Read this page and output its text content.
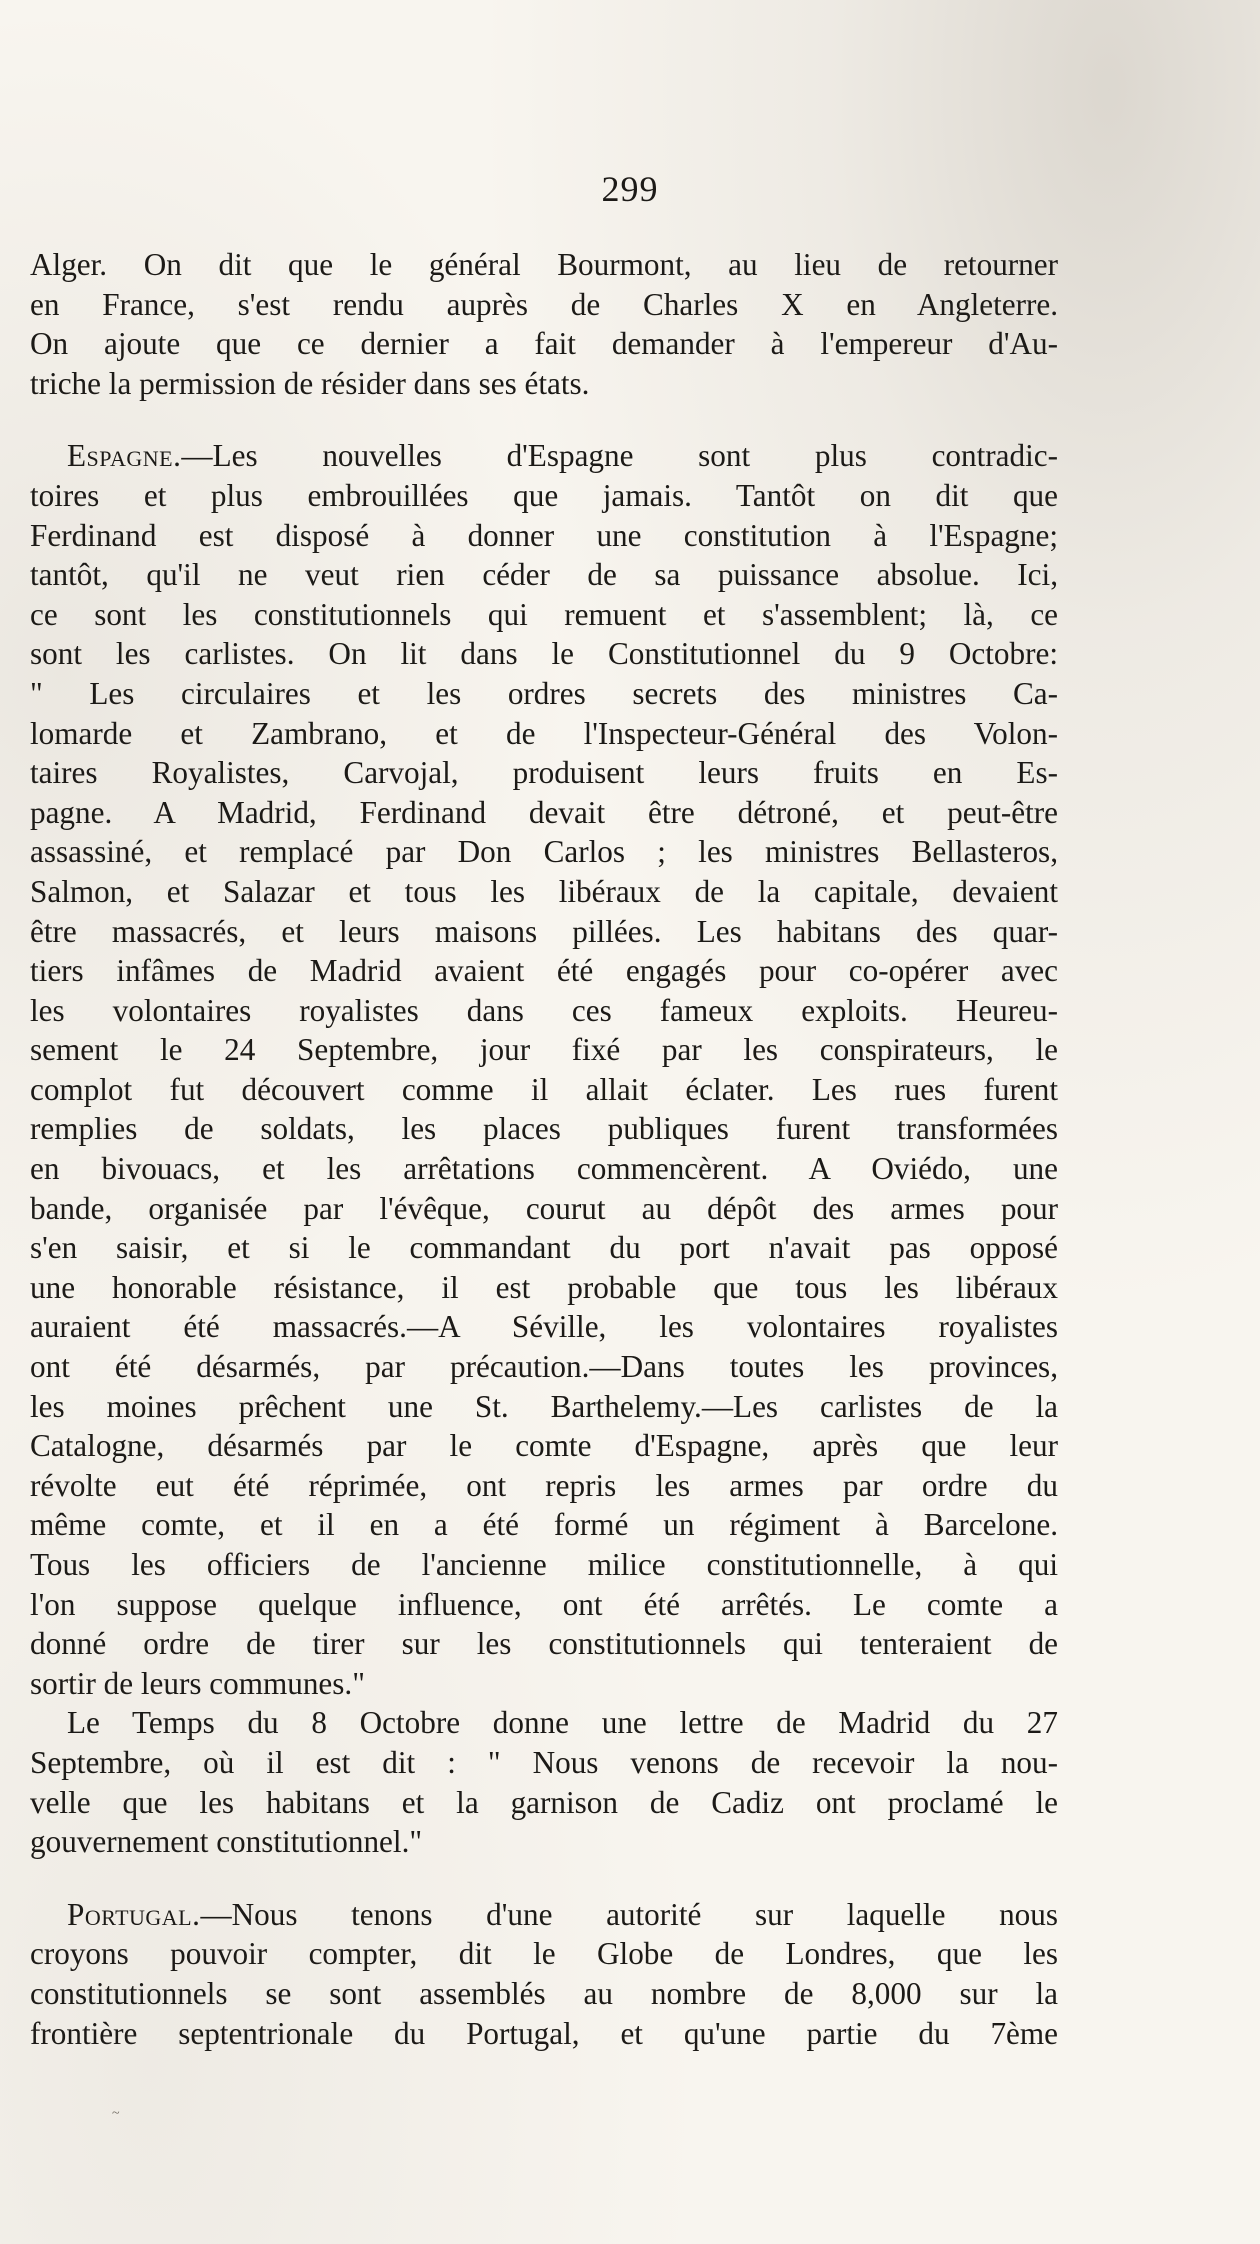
299
Alger. On dit que le général Bourmont, au lieu de retourner
en France, s'est rendu auprès de Charles X en Angleterre.
On ajoute que ce dernier a fait demander à l'empereur d'Au-
triche la permission de résider dans ses états.
Espagne.—Les nouvelles d'Espagne sont plus contradic-
toires et plus embrouillées que jamais. Tantôt on dit que
Ferdinand est disposé à donner une constitution à l'Espagne;
tantôt, qu'il ne veut rien céder de sa puissance absolue. Ici,
ce sont les constitutionnels qui remuent et s'assemblent; là, ce
sont les carlistes. On lit dans le Constitutionnel du 9 Octobre:
" Les circulaires et les ordres secrets des ministres Ca-
lomarde et Zambrano, et de l'Inspecteur-Général des Volon-
taires Royalistes, Carvojal, produisent leurs fruits en Es-
pagne. A Madrid, Ferdinand devait être détroné, et peut-être
assassiné, et remplacé par Don Carlos ; les ministres Bellasteros,
Salmon, et Salazar et tous les libéraux de la capitale, devaient
être massacrés, et leurs maisons pillées. Les habitans des quar-
tiers infâmes de Madrid avaient été engagés pour co-opérer avec
les volontaires royalistes dans ces fameux exploits. Heureu-
sement le 24 Septembre, jour fixé par les conspirateurs, le
complot fut découvert comme il allait éclater. Les rues furent
remplies de soldats, les places publiques furent transformées
en bivouacs, et les arrêtations commencèrent. A Oviédo, une
bande, organisée par l'évêque, courut au dépôt des armes pour
s'en saisir, et si le commandant du port n'avait pas opposé
une honorable résistance, il est probable que tous les libéraux
auraient été massacrés.—A Séville, les volontaires royalistes
ont été désarmés, par précaution.—Dans toutes les provinces,
les moines prêchent une St. Barthelemy.—Les carlistes de la
Catalogne, désarmés par le comte d'Espagne, après que leur
révolte eut été réprimée, ont repris les armes par ordre du
même comte, et il en a été formé un régiment à Barcelone.
Tous les officiers de l'ancienne milice constitutionnelle, à qui
l'on suppose quelque influence, ont été arrêtés. Le comte a
donné ordre de tirer sur les constitutionnels qui tenteraient de
sortir de leurs communes."
Le Temps du 8 Octobre donne une lettre de Madrid du 27
Septembre, où il est dit : " Nous venons de recevoir la nou-
velle que les habitans et la garnison de Cadiz ont proclamé le
gouvernement constitutionnel."
Portugal.—Nous tenons d'une autorité sur laquelle nous
croyons pouvoir compter, dit le Globe de Londres, que les
constitutionnels se sont assemblés au nombre de 8,000 sur la
frontière septentrionale du Portugal, et qu'une partie du 7ème
~
